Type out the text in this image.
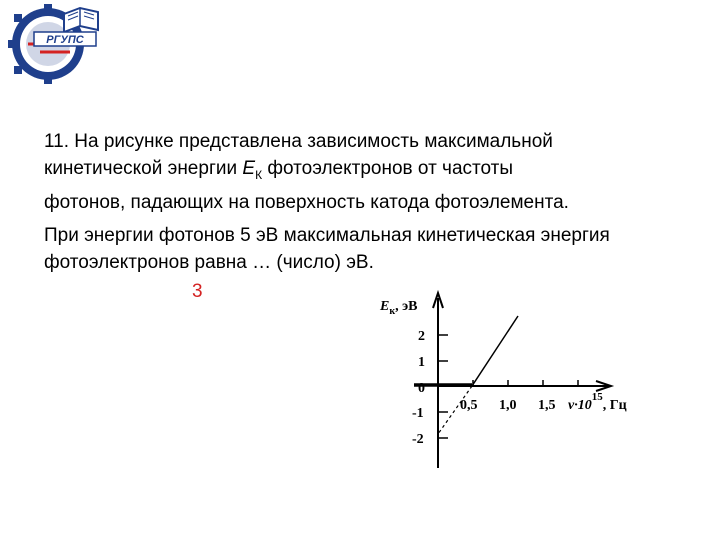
РГУПС

11. На рисунке представлена зависимость максимальной
кинетической энергии $E_К$ фотоэлектронов от частоты
фотонов, падающих на поверхность катода фотоэлемента.

При энергии фотонов 5 эВ максимальная кинетическая энергия фотоэлектронов равна … (число) эВ.

3
$E_к$, эВ
2
1
0
-1
-2
0,5 1,0 1,5 $\nu\cdot 10^{15}$, Гц
